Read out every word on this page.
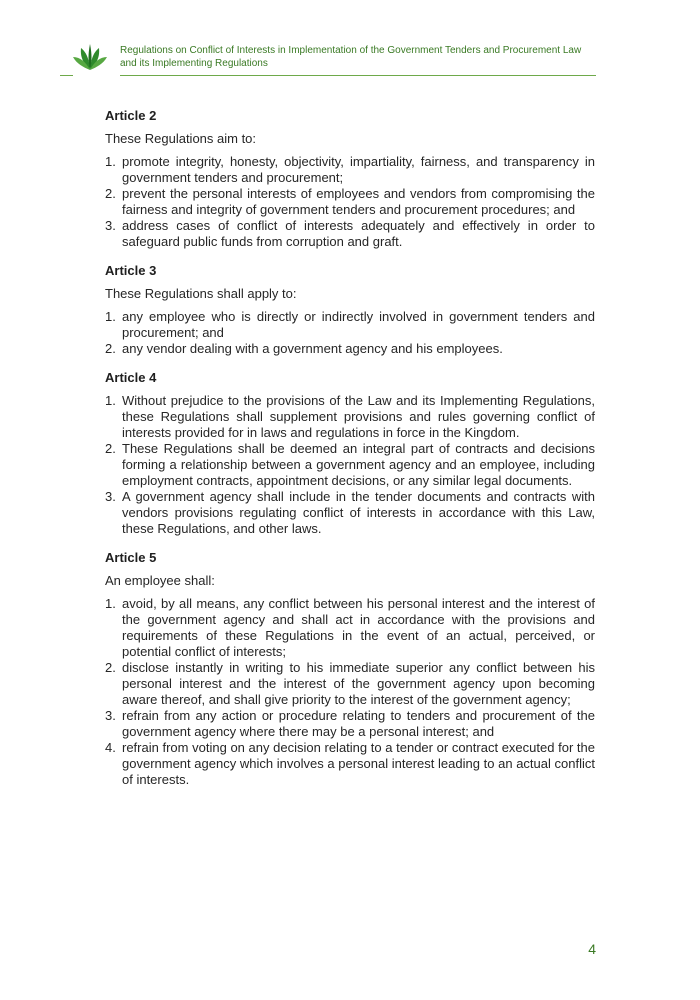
Regulations on Conflict of Interests in Implementation of the Government Tenders and Procurement Law and its Implementing Regulations
Article 2

These Regulations aim to:

1. promote integrity, honesty, objectivity, impartiality, fairness, and transparency in government tenders and procurement;
2. prevent the personal interests of employees and vendors from compromising the fairness and integrity of government tenders and procurement procedures; and
3. address cases of conflict of interests adequately and effectively in order to safeguard public funds from corruption and graft.
Article 3

These Regulations shall apply to:

1. any employee who is directly or indirectly involved in government tenders and procurement; and
2. any vendor dealing with a government agency and his employees.
Article 4
1. Without prejudice to the provisions of the Law and its Implementing Regulations, these Regulations shall supplement provisions and rules governing conflict of interests provided for in laws and regulations in force in the Kingdom.
2. These Regulations shall be deemed an integral part of contracts and decisions forming a relationship between a government agency and an employee, including employment contracts, appointment decisions, or any similar legal documents.
3. A government agency shall include in the tender documents and contracts with vendors provisions regulating conflict of interests in accordance with this Law, these Regulations, and other laws.
Article 5

An employee shall:

1. avoid, by all means, any conflict between his personal interest and the interest of the government agency and shall act in accordance with the provisions and requirements of these Regulations in the event of an actual, perceived, or potential conflict of interests;
2. disclose instantly in writing to his immediate superior any conflict between his personal interest and the interest of the government agency upon becoming aware thereof, and shall give priority to the interest of the government agency;
3. refrain from any action or procedure relating to tenders and procurement of the government agency where there may be a personal interest; and
4. refrain from voting on any decision relating to a tender or contract executed for the government agency which involves a personal interest leading to an actual conflict of interests.
4
